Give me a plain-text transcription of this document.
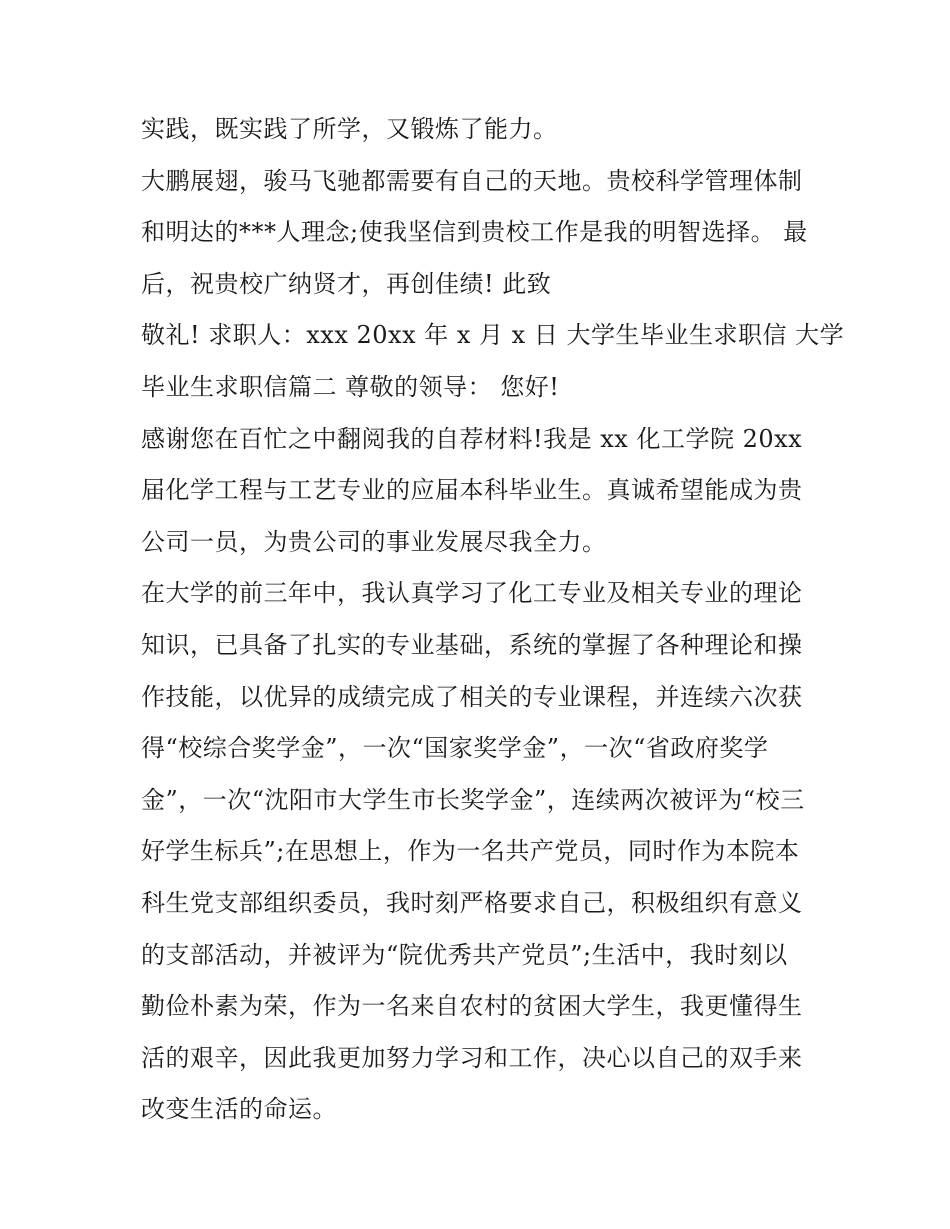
实践，既实践了所学，又锻炼了能力。
大鹏展翅，骏马飞驰都需要有自己的天地。贵校科学管理体制
和明达的***人理念;使我坚信到贵校工作是我的明智选择。 最
后，祝贵校广纳贤才，再创佳绩! 此致
敬礼! 求职人：xxx 20xx 年 x 月 x 日 大学生毕业生求职信 大学
毕业生求职信篇二 尊敬的领导： 您好!
感谢您在百忙之中翻阅我的自荐材料!我是 xx 化工学院 20xx
届化学工程与工艺专业的应届本科毕业生。真诚希望能成为贵
公司一员，为贵公司的事业发展尽我全力。
在大学的前三年中，我认真学习了化工专业及相关专业的理论
知识，已具备了扎实的专业基础，系统的掌握了各种理论和操
作技能，以优异的成绩完成了相关的专业课程，并连续六次获
得“校综合奖学金”，一次“国家奖学金”，一次“省政府奖学
金”，一次“沈阳市大学生市长奖学金”，连续两次被评为“校三
好学生标兵”;在思想上，作为一名共产党员，同时作为本院本
科生党支部组织委员，我时刻严格要求自己，积极组织有意义
的支部活动，并被评为“院优秀共产党员”;生活中，我时刻以
勤俭朴素为荣，作为一名来自农村的贫困大学生，我更懂得生
活的艰辛，因此我更加努力学习和工作，决心以自己的双手来
改变生活的命运。
